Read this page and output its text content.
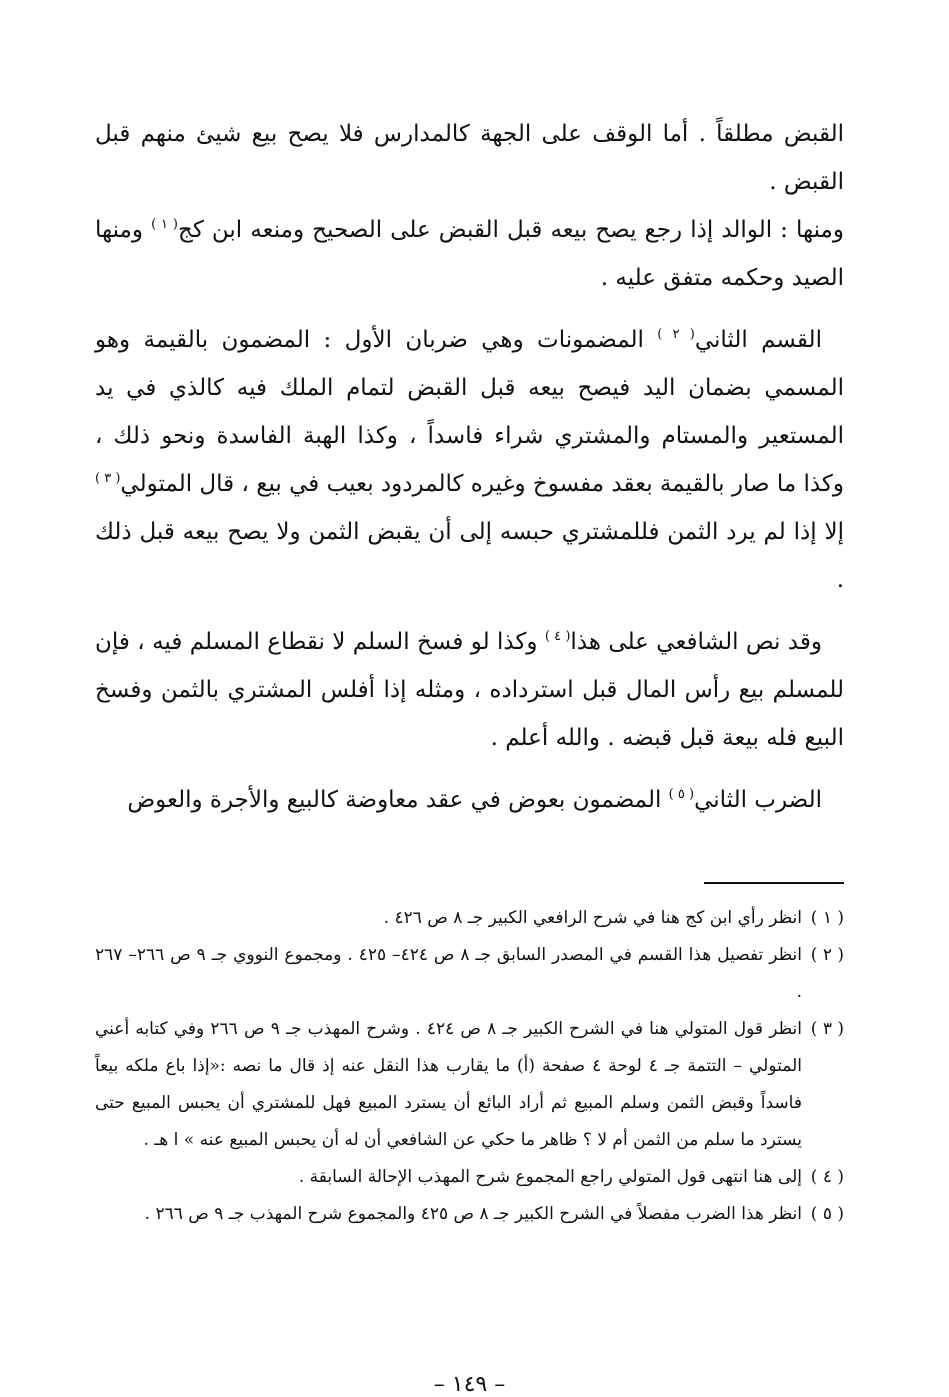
القبض مطلقاً . أما الوقف على الجهة كالمدارس فلا يصح بيع شيئ منهم قبل القبض .
ومنها : الوالد إذا رجع يصح بيعه قبل القبض على الصحيح ومنعه ابن كج$^{( ١ )}$ ومنها الصيد وحكمه متفق عليه .

القسم الثاني$^{( ٢ )}$ المضمونات وهي ضربان الأول : المضمون بالقيمة وهو المسمي بضمان اليد فيصح بيعه قبل القبض لتمام الملك فيه كالذي في يد المستعير والمستام والمشتري شراء فاسداً ، وكذا الهبة الفاسدة ونحو ذلك ، وكذا ما صار بالقيمة بعقد مفسوخ وغيره كالمردود بعيب في بيع ، قال المتولي$^{( ٣ )}$ إلا إذا لم يرد الثمن فللمشتري حبسه إلى أن يقبض الثمن ولا يصح بيعه قبل ذلك .

وقد نص الشافعي على هذا$^{( ٤ )}$ وكذا لو فسخ السلم لا نقطاع المسلم فيه ، فإن للمسلم بيع رأس المال قبل استرداده ، ومثله إذا أفلس المشتري بالثمن وفسخ البيع فله بيعة قبل قبضه . والله أعلم .

الضرب الثاني$^{( ٥ )}$ المضمون بعوض في عقد معاوضة كالبيع والأجرة والعوض

( ١ )
انظر رأي ابن كج هنا في شرح الرافعي الكبير جـ ٨ ص ٤٢٦ .
( ٢ )
انظر تفصيل هذا القسم في المصدر السابق جـ ٨ ص ٤٢٤– ٤٢٥ . ومجموع النووي جـ ٩ ص ٢٦٦– ٢٦٧ .
( ٣ )
انظر قول المتولي هنا في الشرح الكبير جـ ٨ ص ٤٢٤ . وشرح المهذب جـ ٩ ص ٢٦٦ وفي كتابه أعني المتولي – التتمة جـ ٤ لوحة ٤ صفحة (أ) ما يقارب هذا النقل عنه إذ قال ما نصه :«إذا باع ملكه بيعاً فاسداً وقبض الثمن وسلم المبيع ثم أراد البائع أن يسترد المبيع فهل للمشتري أن يحبس المبيع حتى يسترد ما سلم من الثمن أم لا ؟ ظاهر ما حكي عن الشافعي أن له أن يحبس المبيع عنه » ا هـ .
( ٤ )
إلى هنا انتهى قول المتولي راجع المجموع شرح المهذب الإحالة السابقة .
( ٥ )
انظر هذا الضرب مفصلاً في الشرح الكبير جـ ٨ ص ٤٢٥ والمجموع شرح المهذب جـ ٩ ص ٢٦٦ .
– ١٤٩ –
